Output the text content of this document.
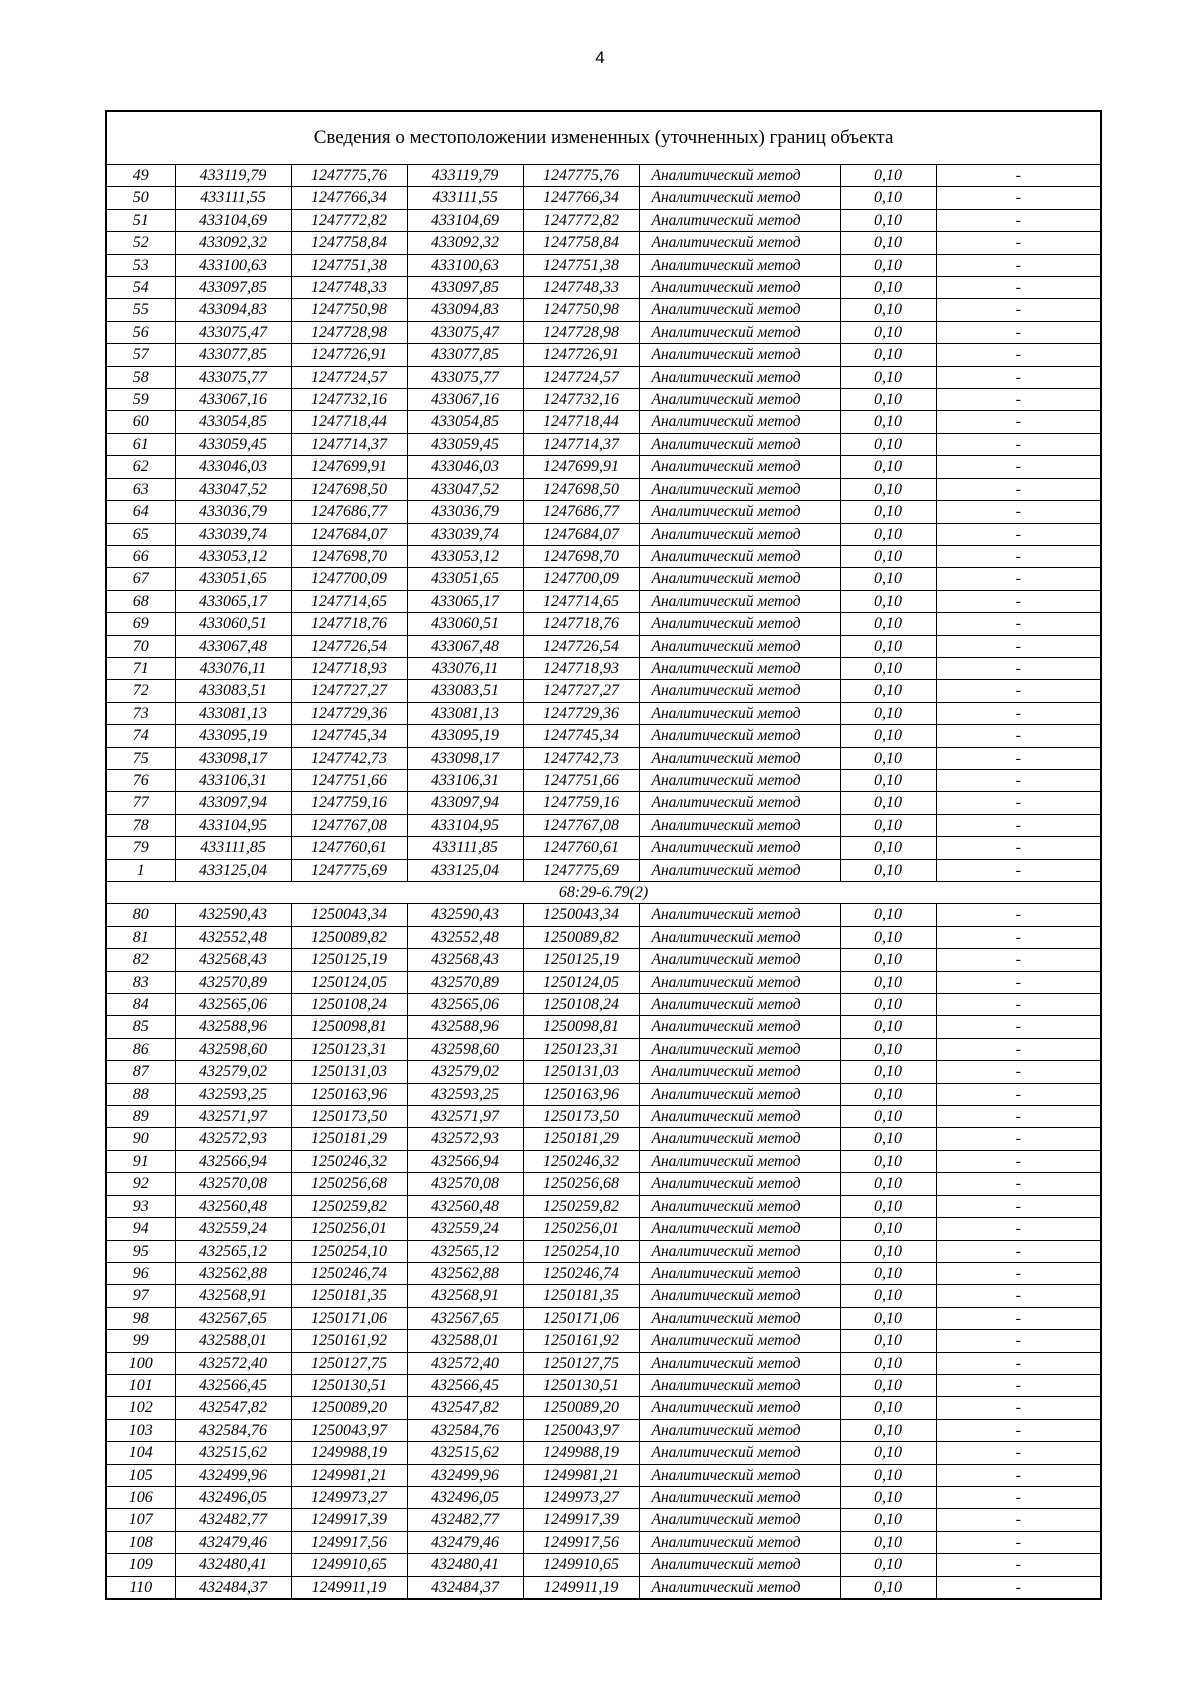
4
Сведения о местоположении измененных (уточненных) границ объекта							
49	433119,79	1247775,76	433119,79	1247775,76	Аналитический метод	0,10	-
50	433111,55	1247766,34	433111,55	1247766,34	Аналитический метод	0,10	-
51	433104,69	1247772,82	433104,69	1247772,82	Аналитический метод	0,10	-
52	433092,32	1247758,84	433092,32	1247758,84	Аналитический метод	0,10	-
53	433100,63	1247751,38	433100,63	1247751,38	Аналитический метод	0,10	-
54	433097,85	1247748,33	433097,85	1247748,33	Аналитический метод	0,10	-
55	433094,83	1247750,98	433094,83	1247750,98	Аналитический метод	0,10	-
56	433075,47	1247728,98	433075,47	1247728,98	Аналитический метод	0,10	-
57	433077,85	1247726,91	433077,85	1247726,91	Аналитический метод	0,10	-
58	433075,77	1247724,57	433075,77	1247724,57	Аналитический метод	0,10	-
59	433067,16	1247732,16	433067,16	1247732,16	Аналитический метод	0,10	-
60	433054,85	1247718,44	433054,85	1247718,44	Аналитический метод	0,10	-
61	433059,45	1247714,37	433059,45	1247714,37	Аналитический метод	0,10	-
62	433046,03	1247699,91	433046,03	1247699,91	Аналитический метод	0,10	-
63	433047,52	1247698,50	433047,52	1247698,50	Аналитический метод	0,10	-
64	433036,79	1247686,77	433036,79	1247686,77	Аналитический метод	0,10	-
65	433039,74	1247684,07	433039,74	1247684,07	Аналитический метод	0,10	-
66	433053,12	1247698,70	433053,12	1247698,70	Аналитический метод	0,10	-
67	433051,65	1247700,09	433051,65	1247700,09	Аналитический метод	0,10	-
68	433065,17	1247714,65	433065,17	1247714,65	Аналитический метод	0,10	-
69	433060,51	1247718,76	433060,51	1247718,76	Аналитический метод	0,10	-
70	433067,48	1247726,54	433067,48	1247726,54	Аналитический метод	0,10	-
71	433076,11	1247718,93	433076,11	1247718,93	Аналитический метод	0,10	-
72	433083,51	1247727,27	433083,51	1247727,27	Аналитический метод	0,10	-
73	433081,13	1247729,36	433081,13	1247729,36	Аналитический метод	0,10	-
74	433095,19	1247745,34	433095,19	1247745,34	Аналитический метод	0,10	-
75	433098,17	1247742,73	433098,17	1247742,73	Аналитический метод	0,10	-
76	433106,31	1247751,66	433106,31	1247751,66	Аналитический метод	0,10	-
77	433097,94	1247759,16	433097,94	1247759,16	Аналитический метод	0,10	-
78	433104,95	1247767,08	433104,95	1247767,08	Аналитический метод	0,10	-
79	433111,85	1247760,61	433111,85	1247760,61	Аналитический метод	0,10	-
1	433125,04	1247775,69	433125,04	1247775,69	Аналитический метод	0,10	-
68:29-6.79(2)							
80	432590,43	1250043,34	432590,43	1250043,34	Аналитический метод	0,10	-
81	432552,48	1250089,82	432552,48	1250089,82	Аналитический метод	0,10	-
82	432568,43	1250125,19	432568,43	1250125,19	Аналитический метод	0,10	-
83	432570,89	1250124,05	432570,89	1250124,05	Аналитический метод	0,10	-
84	432565,06	1250108,24	432565,06	1250108,24	Аналитический метод	0,10	-
85	432588,96	1250098,81	432588,96	1250098,81	Аналитический метод	0,10	-
86	432598,60	1250123,31	432598,60	1250123,31	Аналитический метод	0,10	-
87	432579,02	1250131,03	432579,02	1250131,03	Аналитический метод	0,10	-
88	432593,25	1250163,96	432593,25	1250163,96	Аналитический метод	0,10	-
89	432571,97	1250173,50	432571,97	1250173,50	Аналитический метод	0,10	-
90	432572,93	1250181,29	432572,93	1250181,29	Аналитический метод	0,10	-
91	432566,94	1250246,32	432566,94	1250246,32	Аналитический метод	0,10	-
92	432570,08	1250256,68	432570,08	1250256,68	Аналитический метод	0,10	-
93	432560,48	1250259,82	432560,48	1250259,82	Аналитический метод	0,10	-
94	432559,24	1250256,01	432559,24	1250256,01	Аналитический метод	0,10	-
95	432565,12	1250254,10	432565,12	1250254,10	Аналитический метод	0,10	-
96	432562,88	1250246,74	432562,88	1250246,74	Аналитический метод	0,10	-
97	432568,91	1250181,35	432568,91	1250181,35	Аналитический метод	0,10	-
98	432567,65	1250171,06	432567,65	1250171,06	Аналитический метод	0,10	-
99	432588,01	1250161,92	432588,01	1250161,92	Аналитический метод	0,10	-
100	432572,40	1250127,75	432572,40	1250127,75	Аналитический метод	0,10	-
101	432566,45	1250130,51	432566,45	1250130,51	Аналитический метод	0,10	-
102	432547,82	1250089,20	432547,82	1250089,20	Аналитический метод	0,10	-
103	432584,76	1250043,97	432584,76	1250043,97	Аналитический метод	0,10	-
104	432515,62	1249988,19	432515,62	1249988,19	Аналитический метод	0,10	-
105	432499,96	1249981,21	432499,96	1249981,21	Аналитический метод	0,10	-
106	432496,05	1249973,27	432496,05	1249973,27	Аналитический метод	0,10	-
107	432482,77	1249917,39	432482,77	1249917,39	Аналитический метод	0,10	-
108	432479,46	1249917,56	432479,46	1249917,56	Аналитический метод	0,10	-
109	432480,41	1249910,65	432480,41	1249910,65	Аналитический метод	0,10	-
110	432484,37	1249911,19	432484,37	1249911,19	Аналитический метод	0,10	-
